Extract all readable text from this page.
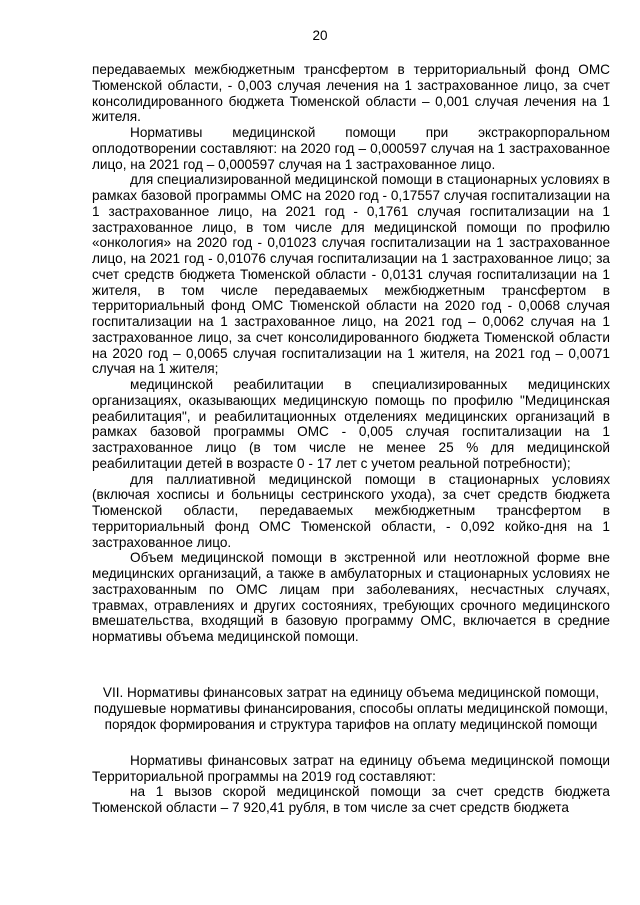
20

передаваемых межбюджетным трансфертом в территориальный фонд ОМС Тюменской области, - 0,003 случая лечения на 1 застрахованное лицо, за счет консолидированного бюджета Тюменской области – 0,001 случая лечения на 1 жителя.

Нормативы медицинской помощи при экстракорпоральном оплодотворении составляют: на 2020 год – 0,000597 случая на 1 застрахованное лицо, на 2021 год – 0,000597 случая на 1 застрахованное лицо.

для специализированной медицинской помощи в стационарных условиях в рамках базовой программы ОМС на 2020 год - 0,17557 случая госпитализации на 1 застрахованное лицо, на 2021 год - 0,1761 случая госпитализации на 1 застрахованное лицо, в том числе для медицинской помощи по профилю «онкология» на 2020 год - 0,01023 случая госпитализации на 1 застрахованное лицо, на 2021 год - 0,01076 случая госпитализации на 1 застрахованное лицо; за счет средств бюджета Тюменской области - 0,0131 случая госпитализации на 1 жителя, в том числе передаваемых межбюджетным трансфертом в территориальный фонд ОМС Тюменской области на 2020 год - 0,0068 случая госпитализации на 1 застрахованное лицо, на 2021 год – 0,0062 случая на 1 застрахованное лицо, за счет консолидированного бюджета Тюменской области на 2020 год – 0,0065 случая госпитализации на 1 жителя, на 2021 год – 0,0071 случая на 1 жителя;

медицинской реабилитации в специализированных медицинских организациях, оказывающих медицинскую помощь по профилю "Медицинская реабилитация", и реабилитационных отделениях медицинских организаций в рамках базовой программы ОМС - 0,005 случая госпитализации на 1 застрахованное лицо (в том числе не менее 25 % для медицинской реабилитации детей в возрасте 0 - 17 лет с учетом реальной потребности);

для паллиативной медицинской помощи в стационарных условиях (включая хосписы и больницы сестринского ухода), за счет средств бюджета Тюменской области, передаваемых межбюджетным трансфертом в территориальный фонд ОМС Тюменской области, - 0,092 койко-дня на 1 застрахованное лицо.

Объем медицинской помощи в экстренной или неотложной форме вне медицинских организаций, а также в амбулаторных и стационарных условиях не застрахованным по ОМС лицам при заболеваниях, несчастных случаях, травмах, отравлениях и других состояниях, требующих срочного медицинского вмешательства, входящий в базовую программу ОМС, включается в средние нормативы объема медицинской помощи.

VII. Нормативы финансовых затрат на единицу объема медицинской помощи, подушевые нормативы финансирования, способы оплаты медицинской помощи, порядок формирования и структура тарифов на оплату медицинской помощи

Нормативы финансовых затрат на единицу объема медицинской помощи Территориальной программы на 2019 год составляют:

на 1 вызов скорой медицинской помощи за счет средств бюджета Тюменской области – 7 920,41 рубля, в том числе за счет средств бюджета
